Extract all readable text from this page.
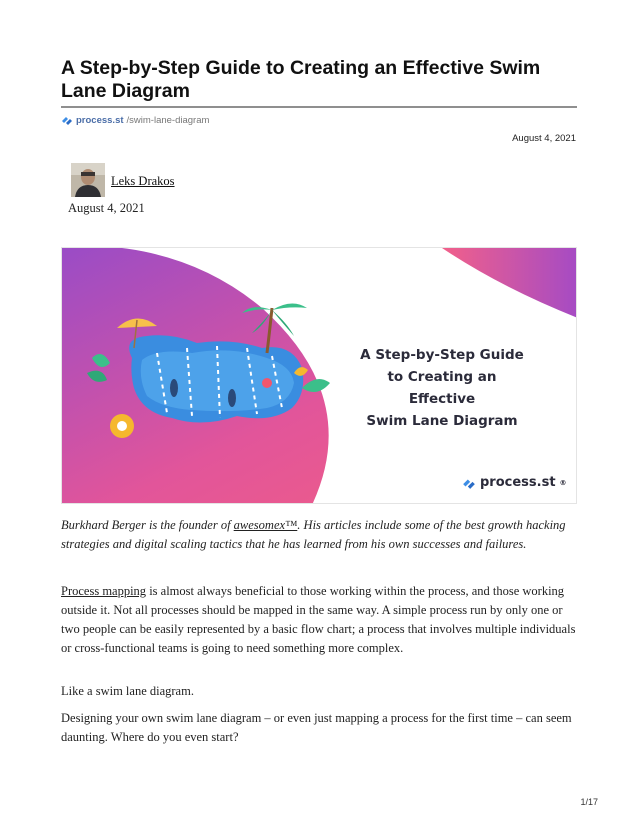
A Step-by-Step Guide to Creating an Effective Swim Lane Diagram
process.st /swim-lane-diagram
August 4, 2021
Leks Drakos
August 4, 2021
A Step-by-Step Guide
to Creating an Effective
Swim Lane Diagram
process.st ®

Burkhard Berger is the founder of awesomex™. His articles include some of the best growth hacking strategies and digital scaling tactics that he has learned from his own successes and failures.

Process mapping is almost always beneficial to those working within the process, and those working outside it. Not all processes should be mapped in the same way. A simple process run by only one or two people can be easily represented by a basic flow chart; a process that involves multiple individuals or cross-functional teams is going to need something more complex.

Like a swim lane diagram.

Designing your own swim lane diagram – or even just mapping a process for the first time – can seem daunting. Where do you even start?

1/17
